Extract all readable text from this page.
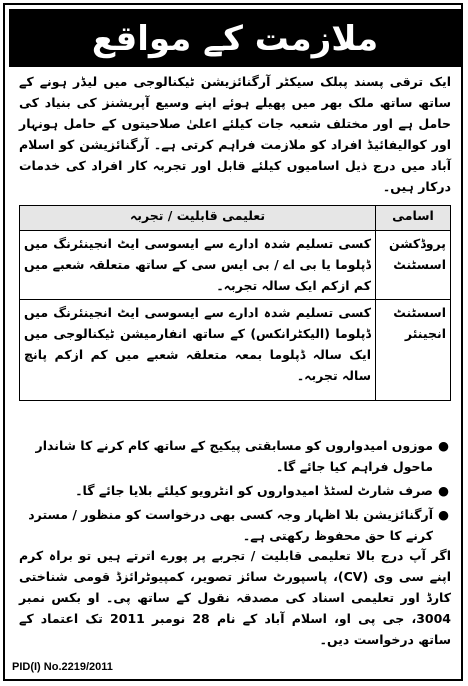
ملازمت کے مواقع
ایک ترقی پسند پبلک سیکٹر آرگنائزیشن ٹیکنالوجی میں لیڈر ہونے کے ساتھ ساتھ ملک بھر میں پھیلے ہوئے اپنے وسیع آپریشنز کی بنیاد کی حامل ہے اور مختلف شعبہ جات کیلئے اعلیٰ صلاحیتوں کے حامل ہونہار اور کوالیفائیڈ افراد کو ملازمت فراہم کرتی ہے۔ آرگنائزیشن کو اسلام آباد میں درج ذیل اسامیوں کیلئے قابل اور تجربہ کار افراد کی خدمات درکار ہیں۔
اسامی	تعلیمی قابلیت / تجربہ
پروڈکشن اسسٹنٹ	کسی تسلیم شدہ ادارے سے ایسوسی ایٹ انجینئرنگ میں ڈپلوما یا بی اے / بی ایس سی کے ساتھ متعلقہ شعبے میں کم ازکم ایک سالہ تجربہ۔
اسسٹنٹ انجینئر	کسی تسلیم شدہ ادارے سے ایسوسی ایٹ انجینئرنگ میں ڈپلوما (الیکٹرانکس) کے ساتھ انفارمیشن ٹیکنالوجی میں ایک سالہ ڈپلوما بمعہ متعلقہ شعبے میں کم ازکم پانچ سالہ تجربہ۔
●
موزوں امیدواروں کو مسابقتی پیکیج کے ساتھ کام کرنے کا شاندار ماحول فراہم کیا جائے گا۔
●
صرف شارٹ لسٹڈ امیدواروں کو انٹرویو کیلئے بلایا جائے گا۔
●
آرگنائزیشن بلا اظہار وجہ کسی بھی درخواست کو منظور / مسترد کرنے کا حق محفوظ رکھتی ہے۔
اگر آپ درج بالا تعلیمی قابلیت / تجربے پر پورے اترتے ہیں تو براہ کرم اپنے سی وی (CV)، پاسپورٹ سائز تصویر، کمپیوٹرائزڈ قومی شناختی کارڈ اور تعلیمی اسناد کی مصدقہ نقول کے ساتھ پی۔ او بکس نمبر 3004، جی پی او، اسلام آباد کے نام 28 نومبر 2011 تک اعتماد کے ساتھ درخواست دیں۔
PID(I) No.2219/2011
